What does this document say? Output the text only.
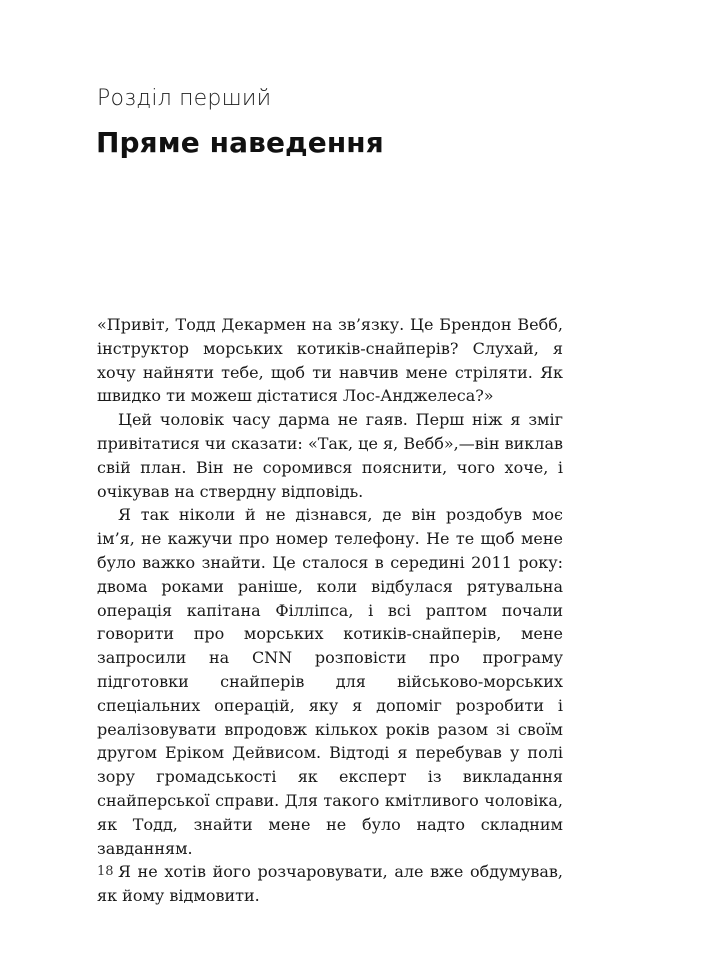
Розділ перший
Пряме наведення

«Привіт, Тодд Декармен на зв’язку. Це Брендон Вебб, інструктор морських котиків-снайперів? Слухай, я хочу найняти тебе, щоб ти навчив мене стріляти. Як швидко ти можеш дістатися Лос-Анджелеса?»

Цей чоловік часу дарма не гаяв. Перш ніж я зміг привітатися чи сказати: «Так, це я, Вебб»,—він виклав свій план. Він не соромився пояснити, чого хоче, і очікував на ствердну відповідь.

Я так ніколи й не дізнався, де він роздобув моє ім’я, не кажучи про номер телефону. Не те щоб мене було важко знайти. Це сталося в середині 2011 року: двома роками раніше, коли відбулася рятувальна операція капітана Філліпса, і всі раптом почали говорити про морських котиків-снайперів, мене запросили на CNN розповісти про програму підготовки снайперів для військово-морських спеціальних операцій, яку я допоміг розробити і реалізовувати впродовж кількох років разом зі своїм другом Еріком Дейвисом. Відтоді я перебував у полі зору громадськості як експерт із викладання снайперської справи. Для такого кмітливого чоловіка, як Тодд, знайти мене не було надто складним завданням.

Я не хотів його розчаровувати, але вже обдумував, як йому відмовити.

18
